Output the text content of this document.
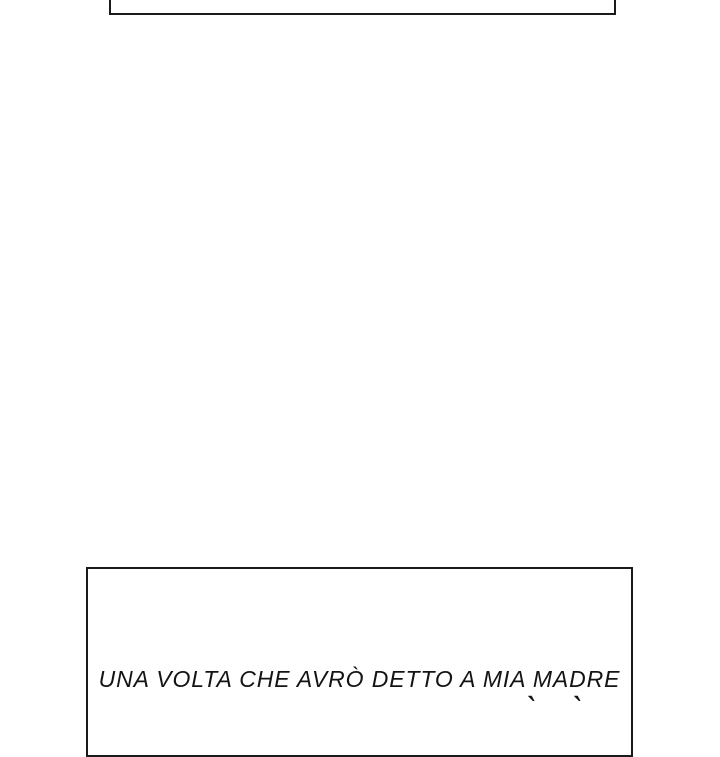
UNA VOLTA CHE AVRÒ DETTO A MIA MADRE
` `
